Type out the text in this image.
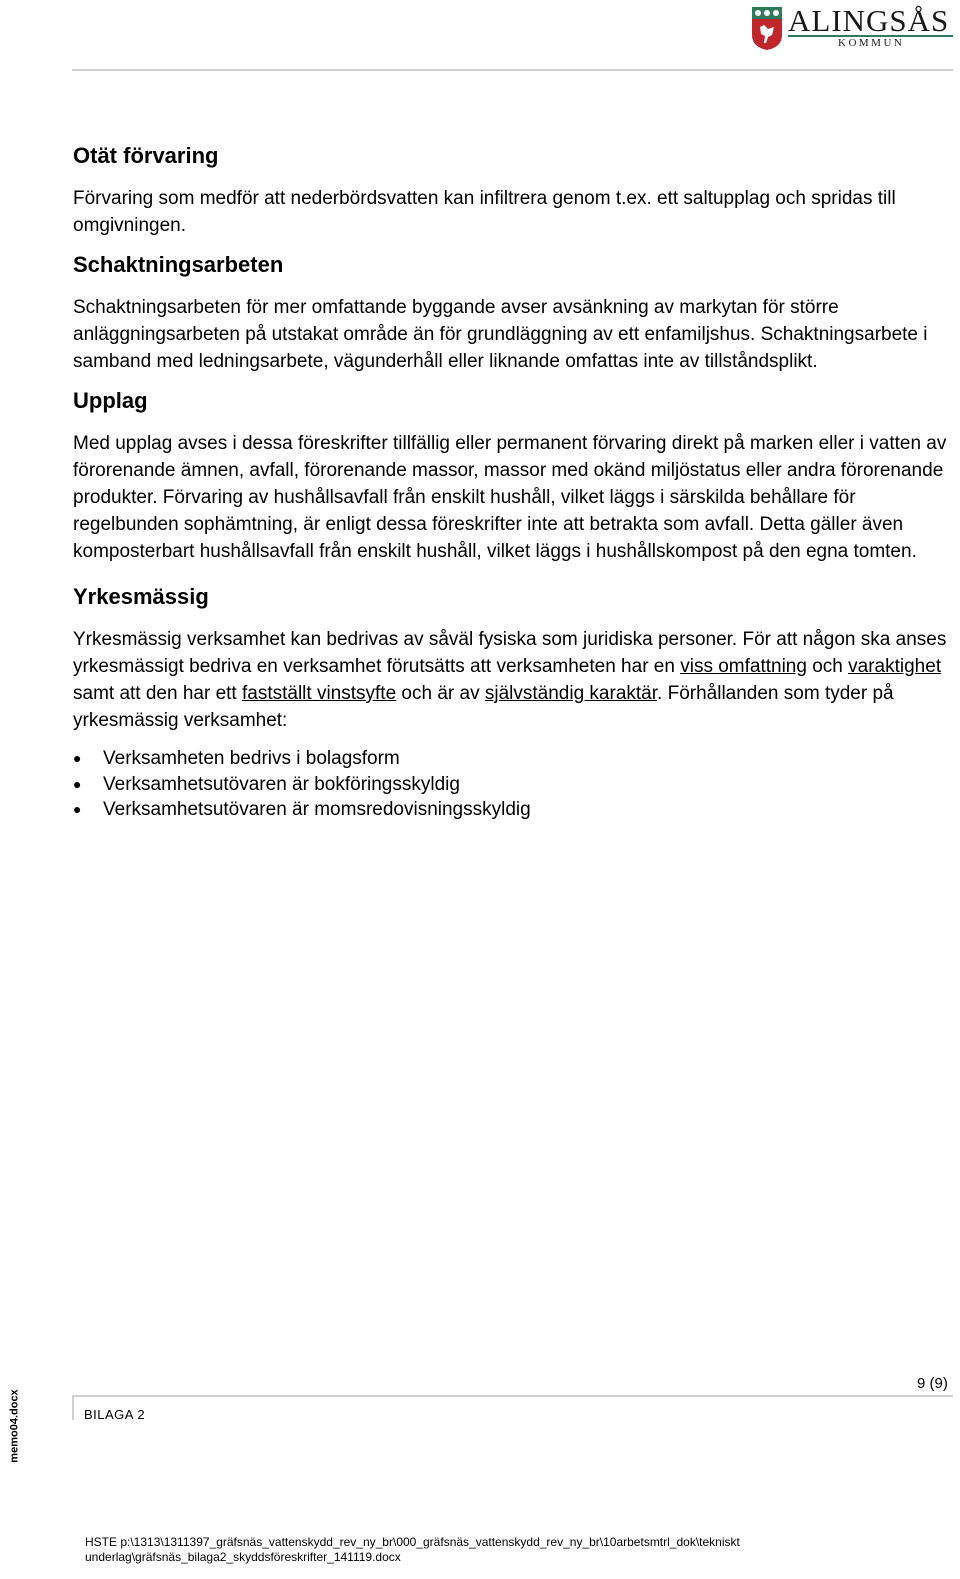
ALINGSÅS
KOMMUN
Otät förvaring

Förvaring som medför att nederbördsvatten kan infiltrera genom t.ex. ett saltupplag och spridas till omgivningen.

Schaktningsarbeten

Schaktningsarbeten för mer omfattande byggande avser avsänkning av markytan för större anläggningsarbeten på utstakat område än för grundläggning av ett enfamiljshus. Schaktningsarbete i samband med ledningsarbete, vägunderhåll eller liknande omfattas inte av tillståndsplikt.

Upplag

Med upplag avses i dessa föreskrifter tillfällig eller permanent förvaring direkt på marken eller i vatten av förorenande ämnen, avfall, förorenande massor, massor med okänd miljöstatus eller andra förorenande produkter. Förvaring av hushållsavfall från enskilt hushåll, vilket läggs i särskilda behållare för regelbunden sophämtning, är enligt dessa föreskrifter inte att betrakta som avfall. Detta gäller även komposterbart hushållsavfall från enskilt hushåll, vilket läggs i hushållskompost på den egna tomten.

Yrkesmässig

Yrkesmässig verksamhet kan bedrivas av såväl fysiska som juridiska personer. För att någon ska anses yrkesmässigt bedriva en verksamhet förutsätts att verksamheten har en viss omfattning och varaktighet samt att den har ett fastställt vinstsyfte och är av självständig karaktär. Förhållanden som tyder på yrkesmässig verksamhet:

● Verksamheten bedrivs i bolagsform
● Verksamhetsutövaren är bokföringsskyldig
● Verksamhetsutövaren är momsredovisningsskyldig
9 (9)
BILAGA 2
memo04.docx
HSTE p:\1313\1311397_gräfsnäs_vattenskydd_rev_ny_br\000_gräfsnäs_vattenskydd_rev_ny_br\10arbetsmtrl_dok\tekniskt
underlag\gräfsnäs_bilaga2_skyddsföreskrifter_141119.docx
